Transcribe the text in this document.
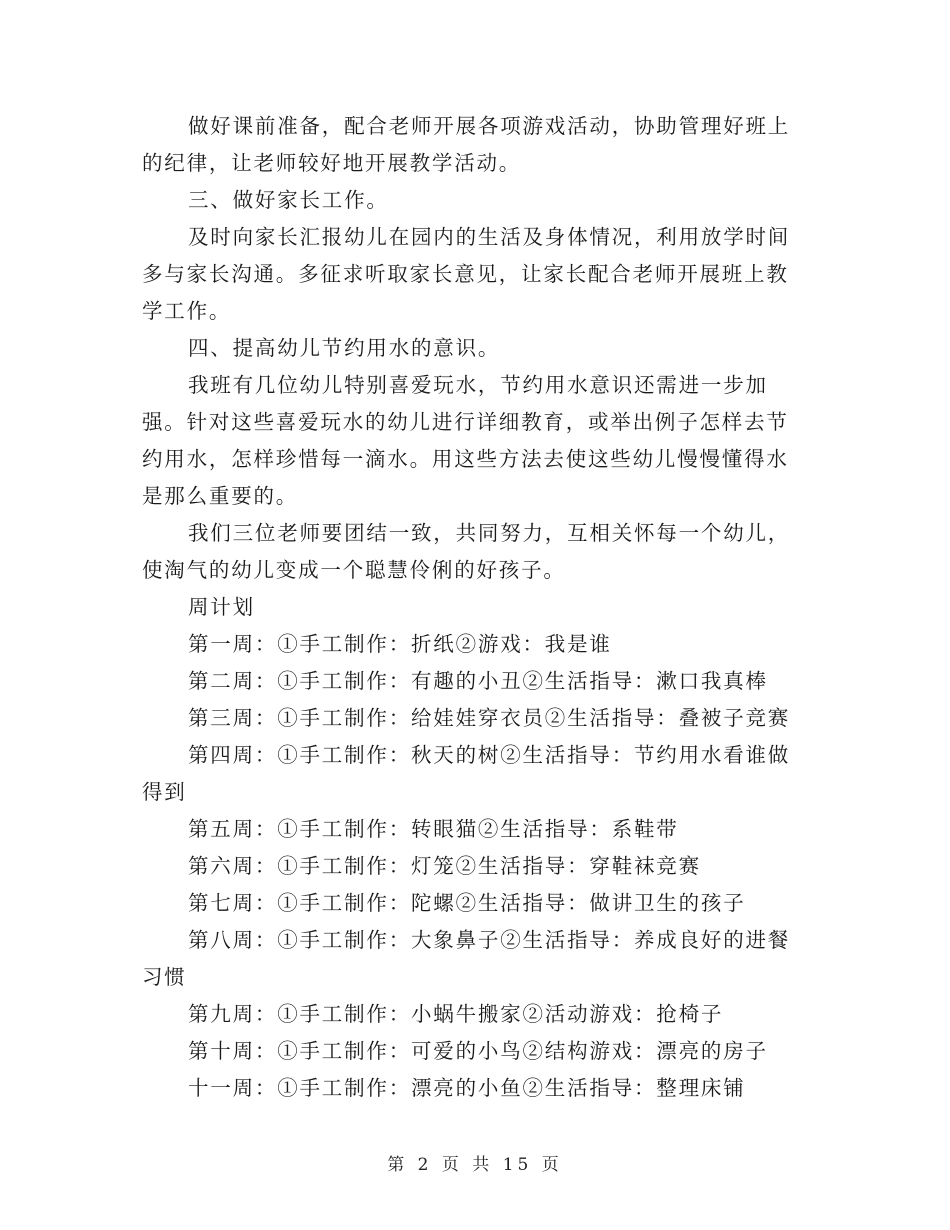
做好课前准备，配合老师开展各项游戏活动，协助管理好班上的纪律，让老师较好地开展教学活动。

三、做好家长工作。

及时向家长汇报幼儿在园内的生活及身体情况，利用放学时间多与家长沟通。多征求听取家长意见，让家长配合老师开展班上教学工作。

四、提高幼儿节约用水的意识。

我班有几位幼儿特别喜爱玩水，节约用水意识还需进一步加强。针对这些喜爱玩水的幼儿进行详细教育，或举出例子怎样去节约用水，怎样珍惜每一滴水。用这些方法去使这些幼儿慢慢懂得水是那么重要的。

我们三位老师要团结一致，共同努力，互相关怀每一个幼儿，使淘气的幼儿变成一个聪慧伶俐的好孩子。

周计划

第一周：①手工制作：折纸②游戏：我是谁

第二周：①手工制作：有趣的小丑②生活指导：漱口我真棒

第三周：①手工制作：给娃娃穿衣员②生活指导：叠被子竞赛

第四周：①手工制作：秋天的树②生活指导：节约用水看谁做得到

第五周：①手工制作：转眼猫②生活指导：系鞋带

第六周：①手工制作：灯笼②生活指导：穿鞋袜竞赛

第七周：①手工制作：陀螺②生活指导：做讲卫生的孩子

第八周：①手工制作：大象鼻子②生活指导：养成良好的进餐习惯

第九周：①手工制作：小蜗牛搬家②活动游戏：抢椅子

第十周：①手工制作：可爱的小鸟②结构游戏：漂亮的房子

十一周：①手工制作：漂亮的小鱼②生活指导：整理床铺

第 2 页 共 15 页
